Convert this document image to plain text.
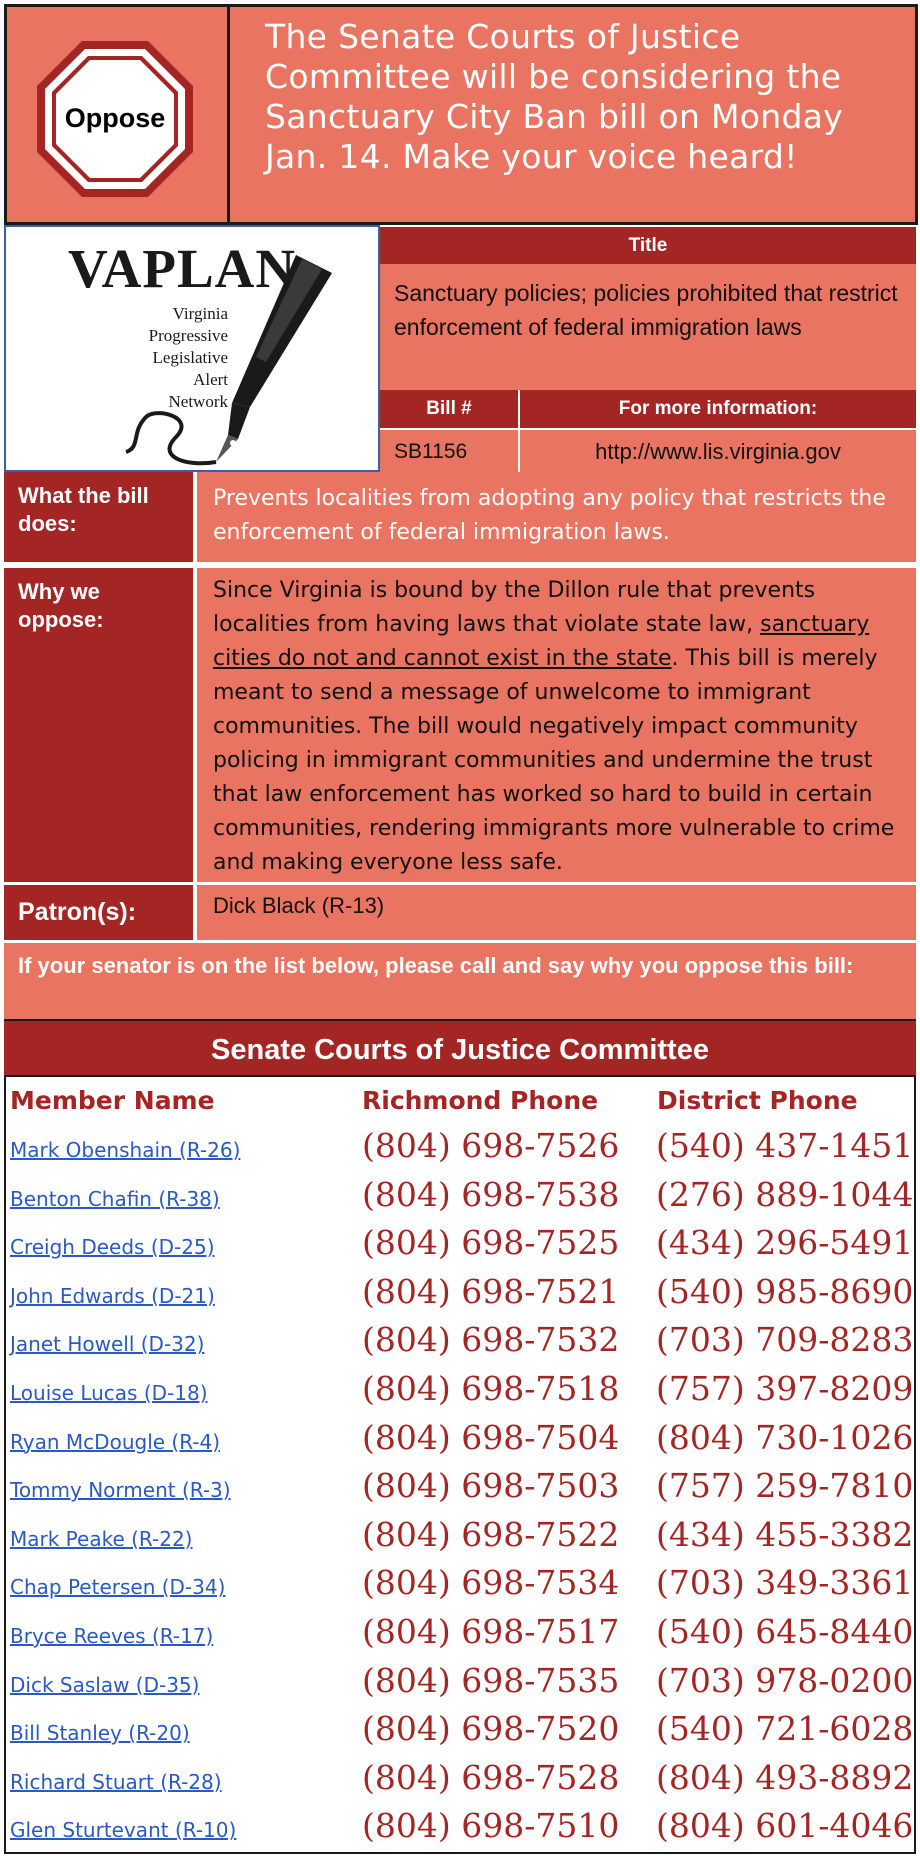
Oppose
The Senate Courts of Justice Committee will be considering the Sanctuary City Ban bill on Monday Jan. 14. Make your voice heard!
VAPLAN
Virginia
Progressive
Legislative
Alert
Network
Title
Sanctuary policies; policies prohibited that restrict enforcement of federal immigration laws
Bill #	For more information:
SB1156	http://www.lis.virginia.gov
What the bill does:
Prevents localities from adopting any policy that restricts the enforcement of federal immigration laws.
Why we oppose:
Since Virginia is bound by the Dillon rule that prevents localities from having laws that violate state law, sanctuary cities do not and cannot exist in the state. This bill is merely meant to send a message of unwelcome to immigrant communities. The bill would negatively impact community policing in immigrant communities and undermine the trust that law enforcement has worked so hard to build in certain communities, rendering immigrants more vulnerable to crime and making everyone less safe.
Patron(s):	Dick Black (R-13)
If your senator is on the list below, please call and say why you oppose this bill:
Senate Courts of Justice Committee
Member Name	Richmond Phone District Phone
Mark Obenshain (R-26)	(804) 698-7526 (540) 437-1451
Benton Chafin (R-38)	(804) 698-7538 (276) 889-1044
Creigh Deeds (D-25)	(804) 698-7525 (434) 296-5491
John Edwards (D-21)	(804) 698-7521 (540) 985-8690
Janet Howell (D-32)	(804) 698-7532 (703) 709-8283
Louise Lucas (D-18)	(804) 698-7518 (757) 397-8209
Ryan McDougle (R-4)	(804) 698-7504 (804) 730-1026
Tommy Norment (R-3)	(804) 698-7503 (757) 259-7810
Mark Peake (R-22)	(804) 698-7522 (434) 455-3382
Chap Petersen (D-34)	(804) 698-7534 (703) 349-3361
Bryce Reeves (R-17)	(804) 698-7517 (540) 645-8440
Dick Saslaw (D-35)	(804) 698-7535 (703) 978-0200
Bill Stanley (R-20)	(804) 698-7520 (540) 721-6028
Richard Stuart (R-28)	(804) 698-7528 (804) 493-8892
Glen Sturtevant (R-10)	(804) 698-7510 (804) 601-4046
